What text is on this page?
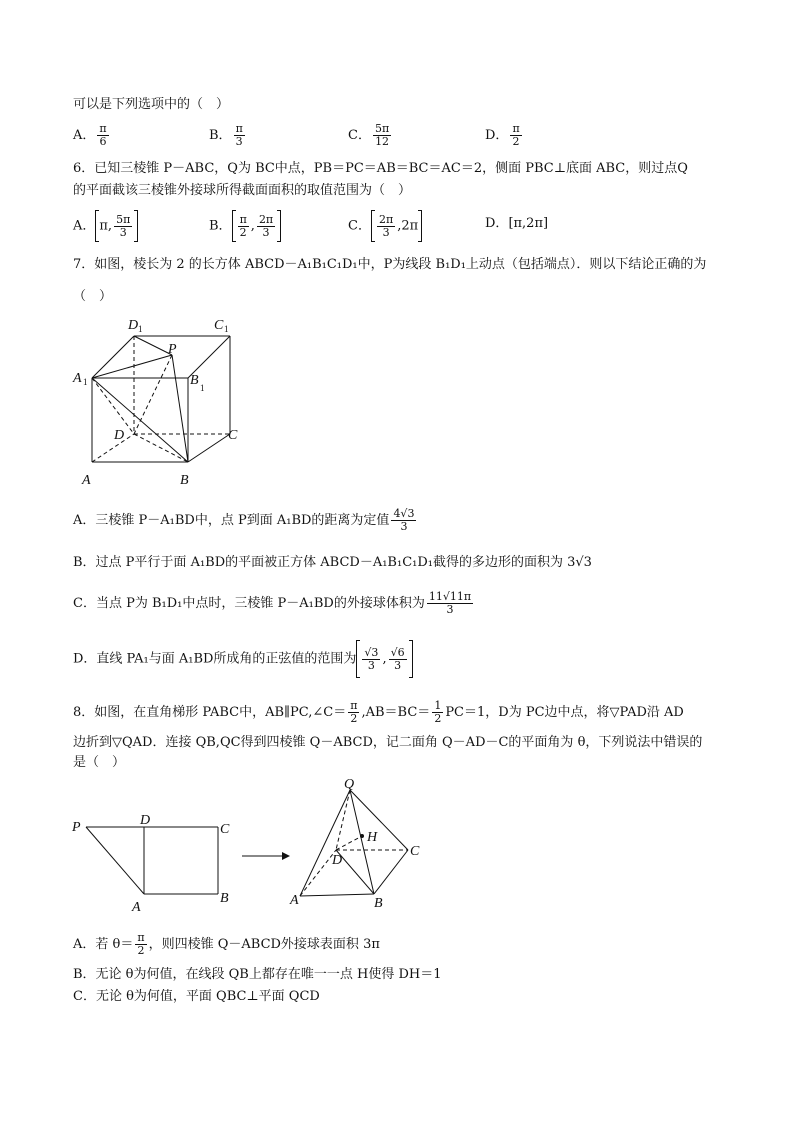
可以是下列选项中的（　）
A． $\frac{\pi}{6}$	B． $\frac{\pi}{3}$	C． $\frac{5\pi}{12}$	D． $\frac{\pi}{2}$
6．已知三棱锥 P－ABC，Q为 BC中点，PB＝PC＝AB＝BC＝AC＝2，侧面 PBC⊥底面 ABC，则过点Q
的平面截该三棱锥外接球所得截面面积的取值范围为（　）
A． π, $\frac{5\pi}{3}$	B． $\frac{\pi}{2}$ , $\frac{2\pi}{3}$	C． $\frac{2\pi}{3} ,2\pi$	D．[π,2π]
7．如图，棱长为 2 的长方体 ABCD－A₁B₁C₁D₁中，P为线段 B₁D₁上动点（包括端点）．则以下结论正确的为
（　）
D 1	C 1
P
A 1	B 1
D	C
A	B
A．三棱锥 P－A₁BD中，点 P到面 A₁BD的距离为定值 $\frac{4√3}{3}$
B．过点 P平行于面 A₁BD的平面被正方体 ABCD－A₁B₁C₁D₁截得的多边形的面积为 3√3
C．当点 P为 B₁D₁中点时，三棱锥 P－A₁BD的外接球体积为 $\frac{11√11\pi}{3}$
D．直线 PA₁与面 A₁BD所成角的正弦值的范围为 $\frac{√3}{3}$ , $\frac{√6}{3}$
8．如图，在直角梯形 PABC中，AB∥PC,∠C＝ $\frac{\pi}{2} ,AB=BC= \frac{1}{2} PC=1$，D为 PC边中点，将▽PAD沿 AD
边折到▽QAD．连接 QB,QC得到四棱锥 Q－ABCD，记二面角 Q－AD－C的平面角为 θ，下列说法中错误的
是（　）
P	D
C
A
B
Q
H
D
C
A	B
A．若 $\theta= \frac{\pi}{2}$ ，则四棱锥 Q－ABCD外接球表面积 3π
B．无论 θ为何值，在线段 QB上都存在唯一一点 H使得 DH＝1
C．无论 θ为何值，平面 QBC⊥平面 QCD
